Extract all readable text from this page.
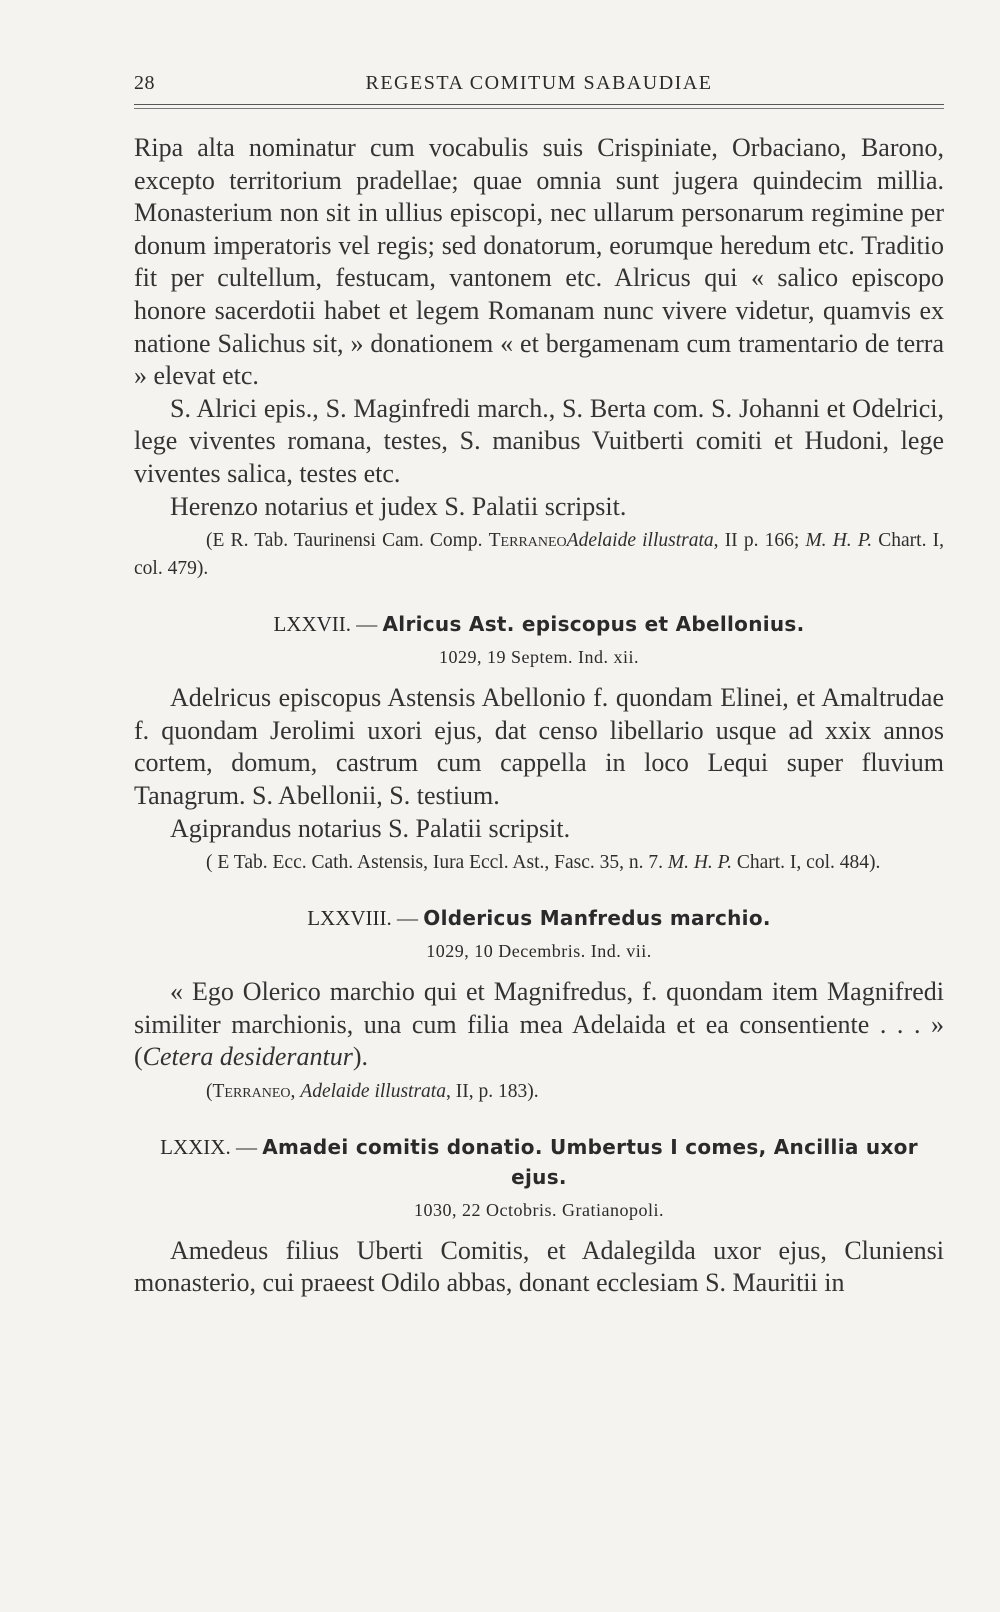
28	REGESTA COMITUM SABAUDIAE

Ripa alta nominatur cum vocabulis suis Crispiniate, Orbaciano, Barono, excepto territorium pradellae; quae omnia sunt jugera quindecim millia. Monasterium non sit in ullius episcopi, nec ullarum personarum regimine per donum imperatoris vel regis; sed donatorum, eorumque heredum etc. Traditio fit per cultellum, festucam, vantonem etc. Alricus qui « salico episcopo honore sacerdotii habet et legem Romanam nunc vivere videtur, quamvis ex natione Salichus sit, » donationem « et bergamenam cum tramentario de terra » elevat etc.

S. Alrici epis., S. Maginfredi march., S. Berta com. S. Johanni et Odelrici, lege viventes romana, testes, S. manibus Vuitberti comiti et Hudoni, lege viventes salica, testes etc.

Herenzo notarius et judex S. Palatii scripsit.

(E R. Tab. Taurinensi Cam. Comp. TerraneoAdelaide illustrata, II p. 166; M. H. P. Chart. I, col. 479).

LXXVII. — Alricus Ast. episcopus et Abellonius.
1029, 19 Septem. Ind. xii.

Adelricus episcopus Astensis Abellonio f. quondam Elinei, et Amaltrudae f. quondam Jerolimi uxori ejus, dat censo libellario usque ad xxix annos cortem, domum, castrum cum cappella in loco Lequi super fluvium Tanagrum. S. Abellonii, S. testium.

Agiprandus notarius S. Palatii scripsit.

( E Tab. Ecc. Cath. Astensis, Iura Eccl. Ast., Fasc. 35, n. 7. M. H. P. Chart. I, col. 484).

LXXVIII. — Oldericus Manfredus marchio.
1029, 10 Decembris. Ind. vii.

« Ego Olerico marchio qui et Magnifredus, f. quondam item Magnifredi similiter marchionis, una cum filia mea Adelaida et ea consentiente . . . » (Cetera desiderantur).

(Terraneo, Adelaide illustrata, II, p. 183).

LXXIX. — Amadei comitis donatio. Umbertus I comes, Ancillia uxor ejus.
1030, 22 Octobris. Gratianopoli.

Amedeus filius Uberti Comitis, et Adalegilda uxor ejus, Cluniensi monasterio, cui praeest Odilo abbas, donant ecclesiam S. Mauritii in
